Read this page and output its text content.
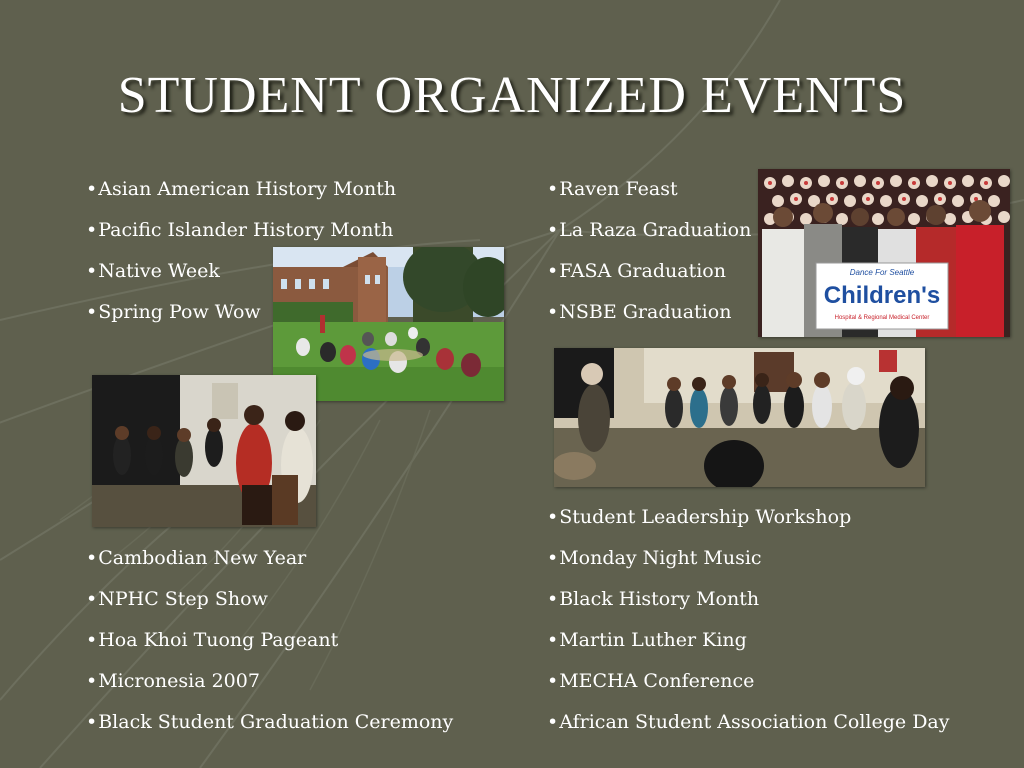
STUDENT ORGANIZED EVENTS
•Asian American History Month
•Pacific Islander History Month
•Native Week
•Spring Pow Wow
•Raven Feast
•La Raza Graduation
•FASA Graduation
•NSBE Graduation
•Cambodian New Year
•NPHC Step Show
•Hoa Khoi Tuong Pageant
•Micronesia 2007
•Black Student Graduation Ceremony
•Student Leadership Workshop
•Monday Night Music
•Black History Month
•Martin Luther King
•MECHA Conference
•African Student Association College Day
Dance For Seattle
Children's
Hospital & Regional Medical Center
